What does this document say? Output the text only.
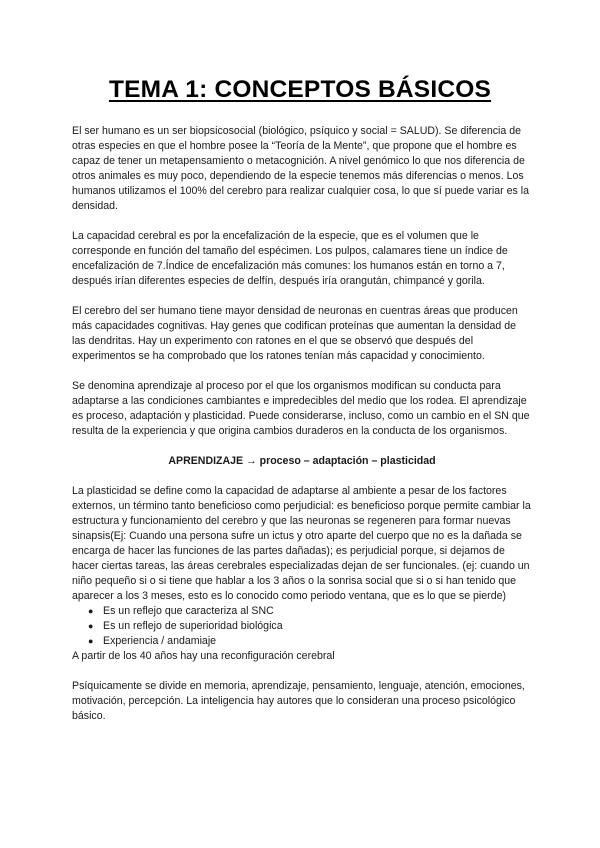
TEMA 1: CONCEPTOS BÁSICOS

El ser humano es un ser biopsicosocial (biológico, psíquico y social = SALUD). Se diferencia de otras especies en que el hombre posee la “Teoría de la Mente”, que propone que el hombre es capaz de tener un metapensamiento o metacognición. A nivel genómico lo que nos diferencia de otros animales es muy poco, dependiendo de la especie tenemos más diferencias o menos. Los humanos utilizamos el 100% del cerebro para realizar cualquier cosa, lo que sí puede variar es la densidad.

La capacidad cerebral es por la encefalización de la especie, que es el volumen que le corresponde en función del tamaño del espécimen. Los pulpos, calamares tiene un índice de encefalización de 7.Índice de encefalización más comunes: los humanos están en torno a 7, después irían diferentes especies de delfín, después iría orangután, chimpancé y gorila.

El cerebro del ser humano tiene mayor densidad de neuronas en cuentras áreas que producen más capacidades cognitivas. Hay genes que codifican proteínas que aumentan la densidad de las dendritas. Hay un experimento con ratones en el que se observó que después del experimentos se ha comprobado que los ratones tenían más capacidad y conocimiento.

Se denomina aprendizaje al proceso por el que los organismos modifican su conducta para adaptarse a las condiciones cambiantes e impredecibles del medio que los rodea. El aprendizaje es proceso, adaptación y plasticidad. Puede considerarse, incluso, como un cambio en el SN que resulta de la experiencia y que origina cambios duraderos en la conducta de los organismos.

APRENDIZAJE → proceso – adaptación – plasticidad

La plasticidad se define como la capacidad de adaptarse al ambiente a pesar de los factores externos, un término tanto beneficioso como perjudicial: es beneficioso porque permite cambiar la estructura y funcionamiento del cerebro y que las neuronas se regeneren para formar nuevas sinapsis(Ej: Cuando una persona sufre un ictus y otro aparte del cuerpo que no es la dañada se encarga de hacer las funciones de las partes dañadas); es perjudicial porque, si dejamos de hacer ciertas tareas, las áreas cerebrales especializadas dejan de ser funcionales. (ej: cuando un niño pequeño si o si tiene que hablar a los 3 años o la sonrisa social que si o si han tenido que aparecer a los 3 meses, esto es lo conocido como periodo ventana, que es lo que se pierde)

● Es un reflejo que caracteriza al SNC
● Es un reflejo de superioridad biológica
● Experiencia / andamiaje

A partir de los 40 años hay una reconfiguración cerebral

Psíquicamente se divide en memoria, aprendizaje, pensamiento, lenguaje, atención, emociones, motivación, percepción. La inteligencia hay autores que lo consideran una proceso psicológico básico.
